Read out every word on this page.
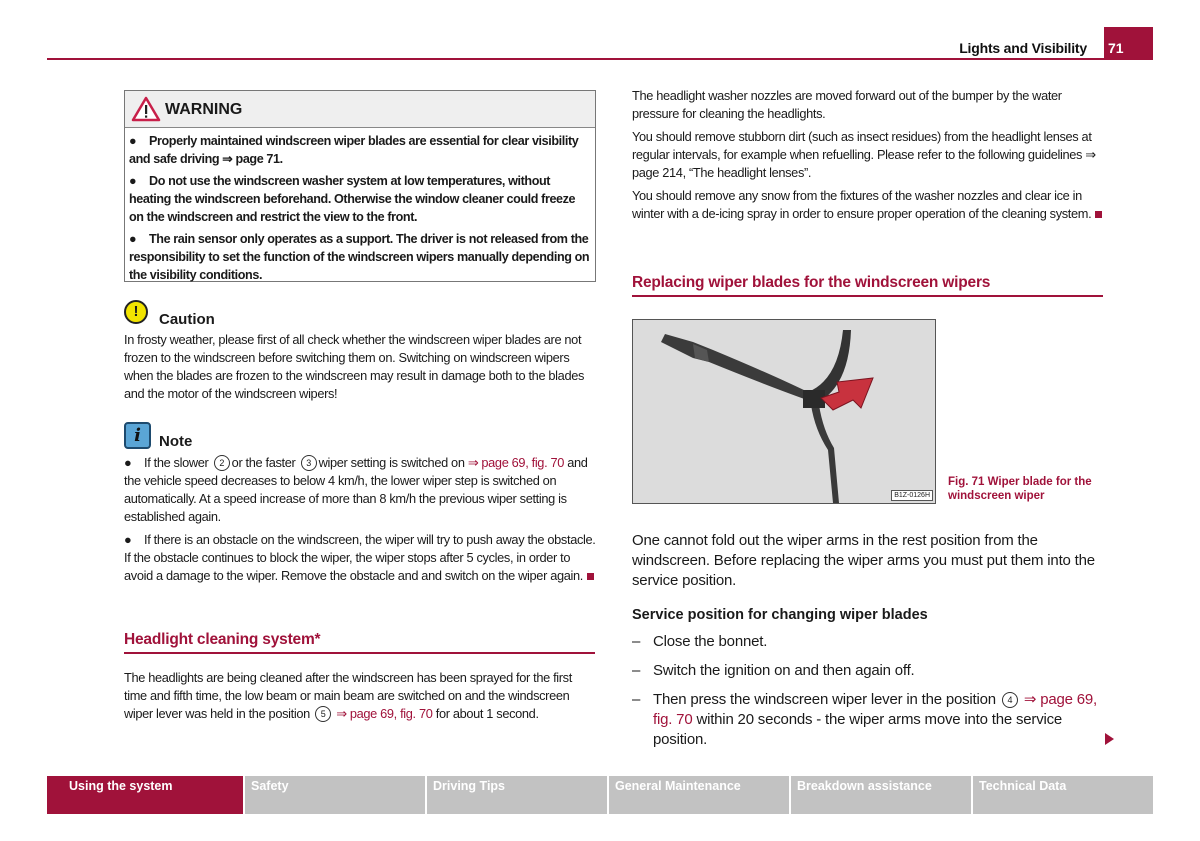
Lights and Visibility 71
WARNING

● Properly maintained windscreen wiper blades are essential for clear visibility and safe driving ⇒ page 71.

● Do not use the windscreen washer system at low temperatures, without heating the windscreen beforehand. Otherwise the window cleaner could freeze on the windscreen and restrict the view to the front.

● The rain sensor only operates as a support. The driver is not released from the responsibility to set the function of the windscreen wipers manually depending on the visibility conditions.

!	Caution
In frosty weather, please first of all check whether the windscreen wiper blades are not frozen to the windscreen before switching them on. Switching on windscreen wipers when the blades are frozen to the windscreen may result in damage both to the blades and the motor of the windscreen wipers!
i	Note

● If the slower 2 or the faster 3 wiper setting is switched on ⇒ page 69, fig. 70 and the vehicle speed decreases to below 4 km/h, the lower wiper step is switched on automatically. At a speed increase of more than 8 km/h the previous wiper setting is established again.

● If there is an obstacle on the windscreen, the wiper will try to push away the obstacle. If the obstacle continues to block the wiper, the wiper stops after 5 cycles, in order to avoid a damage to the wiper. Remove the obstacle and and switch on the wiper again.

Headlight cleaning system*
The headlights are being cleaned after the windscreen has been sprayed for the first time and fifth time, the low beam or main beam are switched on and the windscreen wiper lever was held in the position 5 ⇒ page 69, fig. 70 for about 1 second.

The headlight washer nozzles are moved forward out of the bumper by the water pressure for cleaning the headlights.

You should remove stubborn dirt (such as insect residues) from the headlight lenses at regular intervals, for example when refuelling. Please refer to the following guidelines ⇒ page 214, “The headlight lenses”.

You should remove any snow from the fixtures of the washer nozzles and clear ice in winter with a de-icing spray in order to ensure proper operation of the cleaning system.

Replacing wiper blades for the windscreen wipers
B1Z-0126H
Fig. 71 Wiper blade for the windscreen wiper
One cannot fold out the wiper arms in the rest position from the windscreen. Before replacing the wiper arms you must put them into the service position.
Service position for changing wiper blades
– Close the bonnet.
– Switch the ignition on and then again off.
– Then press the windscreen wiper lever in the position 4 ⇒ page 69, fig. 70 within 20 seconds - the wiper arms move into the service position.
Using the system	Safety	Driving Tips	General Maintenance	Breakdown assistance	Technical Data
